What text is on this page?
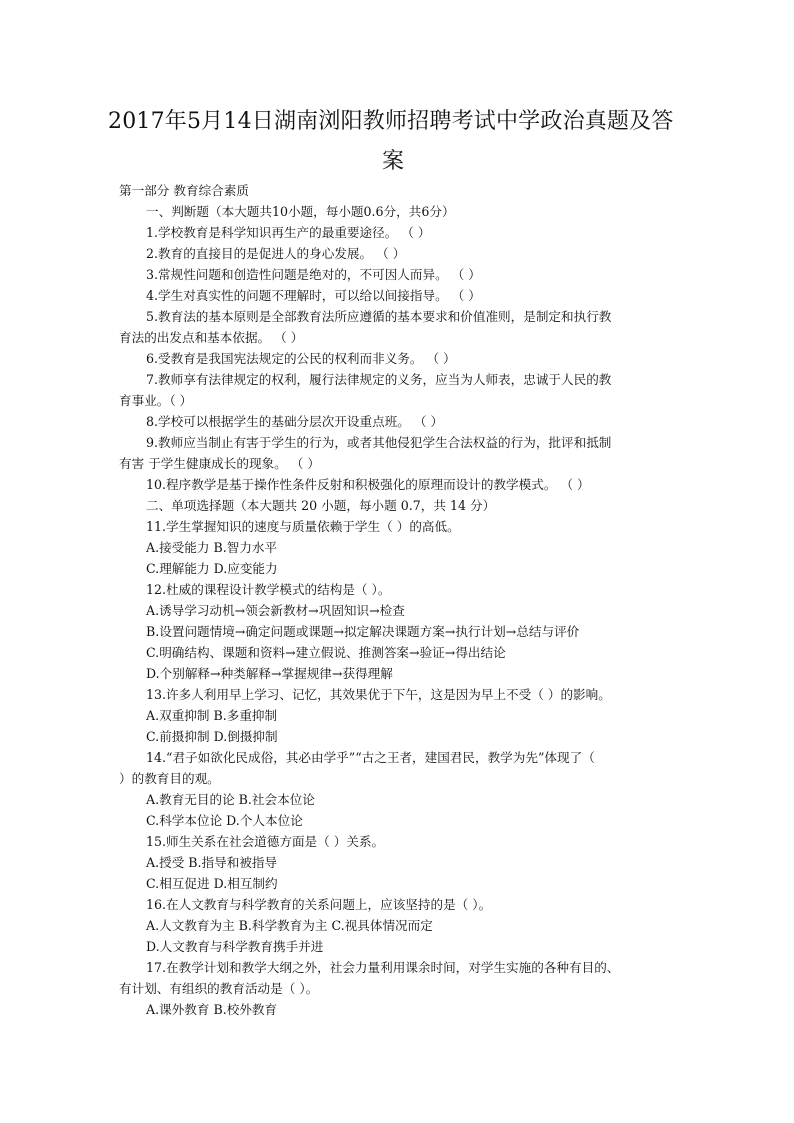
2017年5月14日湖南浏阳教师招聘考试中学政治真题及答
案
第一部分 教育综合素质
一、判断题（本大题共10小题，每小题0.6分，共6分）
1.学校教育是科学知识再生产的最重要途径。 （ ）
2.教育的直接目的是促进人的身心发展。 （ ）
3.常规性问题和创造性问题是绝对的，不可因人而异。 （ ）
4.学生对真实性的问题不理解时，可以给以间接指导。 （ ）
5.教育法的基本原则是全部教育法所应遵循的基本要求和价值准则，是制定和执行教
育法的出发点和基本依据。 （ ）
6.受教育是我国宪法规定的公民的权利而非义务。 （ ）
7.教师享有法律规定的权利，履行法律规定的义务，应当为人师表，忠诚于人民的教
育事业。（ ）
8.学校可以根据学生的基础分层次开设重点班。 （ ）
9.教师应当制止有害于学生的行为，或者其他侵犯学生合法权益的行为，批评和抵制
有害 于学生健康成长的现象。 （ ）
10.程序教学是基于操作性条件反射和积极强化的原理而设计的教学模式。 （ ）
二、单项选择题（本大题共 20 小题，每小题 0.7，共 14 分）
11.学生掌握知识的速度与质量依赖于学生（ ）的高低。
A.接受能力 B.智力水平
C.理解能力 D.应变能力
12.杜威的课程设计教学模式的结构是（ ）。
A.诱导学习动机→领会新教材→巩固知识→检查
B.设置问题情境→确定问题或课题→拟定解决课题方案→执行计划→总结与评价
C.明确结构、课题和资料→建立假说、推测答案→验证→得出结论
D.个别解释→种类解释→掌握规律→获得理解
13.许多人利用早上学习、记忆，其效果优于下午，这是因为早上不受（ ）的影响。
A.双重抑制 B.多重抑制
C.前摄抑制 D.倒摄抑制
14.“君子如欲化民成俗，其必由学乎”“古之王者，建国君民，教学为先”体现了（
）的教育目的观。
A.教育无目的论 B.社会本位论
C.科学本位论 D.个人本位论
15.师生关系在社会道德方面是（ ）关系。
A.授受 B.指导和被指导
C.相互促进 D.相互制约
16.在人文教育与科学教育的关系问题上，应该坚持的是（ ）。
A.人文教育为主 B.科学教育为主 C.视具体情况而定
D.人文教育与科学教育携手并进
17.在教学计划和教学大纲之外，社会力量利用课余时间，对学生实施的各种有目的、
有计划、有组织的教育活动是（ ）。
A.课外教育 B.校外教育
